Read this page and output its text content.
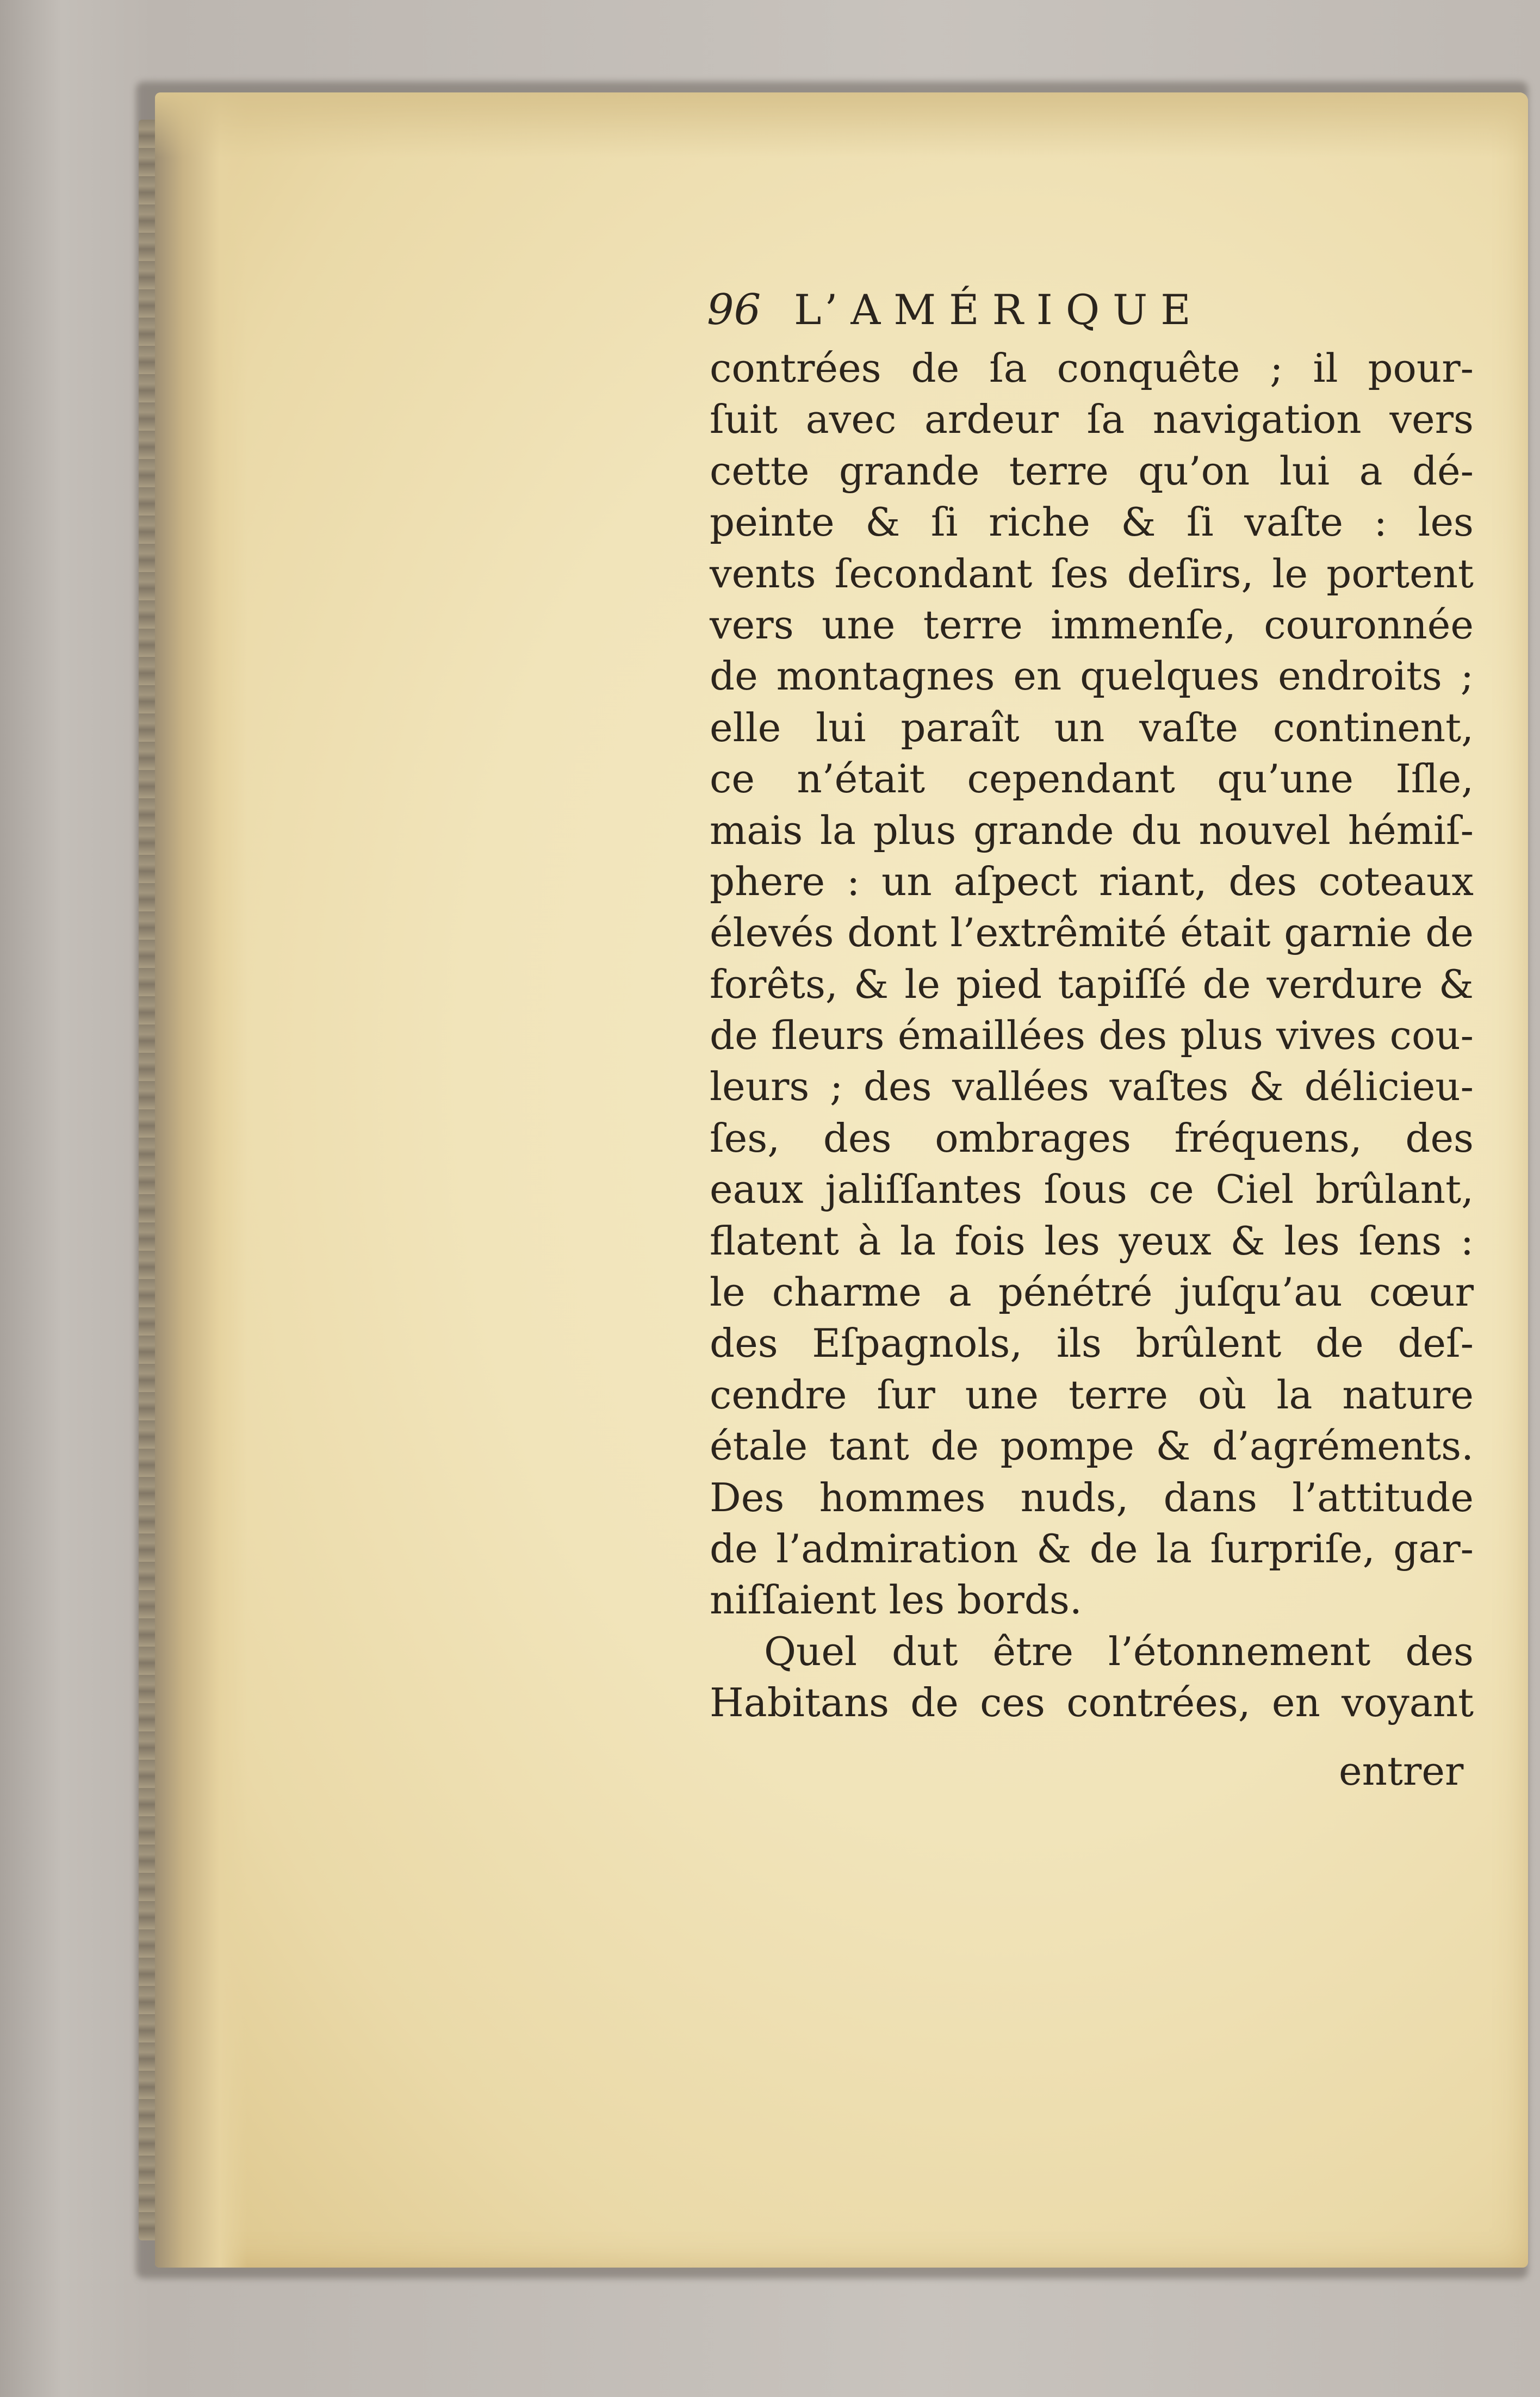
96 L’AMÉRIQUE
contrées de ſa conquête ; il pour-
ſuit avec ardeur ſa navigation vers
cette grande terre qu’on lui a dé-
peinte & ſi riche & ſi vaſte : les
vents ſecondant ſes deſirs, le portent
vers une terre immenſe, couronnée
de montagnes en quelques endroits ;
elle lui paraît un vaſte continent,
ce n’était cependant qu’une Iſle,
mais la plus grande du nouvel hémiſ-
phere : un aſpect riant, des coteaux
élevés dont l’extrêmité était garnie de
forêts, & le pied tapiſſé de verdure &
de fleurs émaillées des plus vives cou-
leurs ; des vallées vaſtes & délicieu-
ſes, des ombrages fréquens, des
eaux jaliſſantes ſous ce Ciel brûlant,
flatent à la fois les yeux & les ſens :
le charme a pénétré juſqu’au cœur
des Eſpagnols, ils brûlent de deſ-
cendre ſur une terre où la nature
étale tant de pompe & d’agréments.
Des hommes nuds, dans l’attitude
de l’admiration & de la ſurpriſe, gar-
niſſaient les bords.
Quel dut être l’étonnement des
Habitans de ces contrées, en voyant
entrer
